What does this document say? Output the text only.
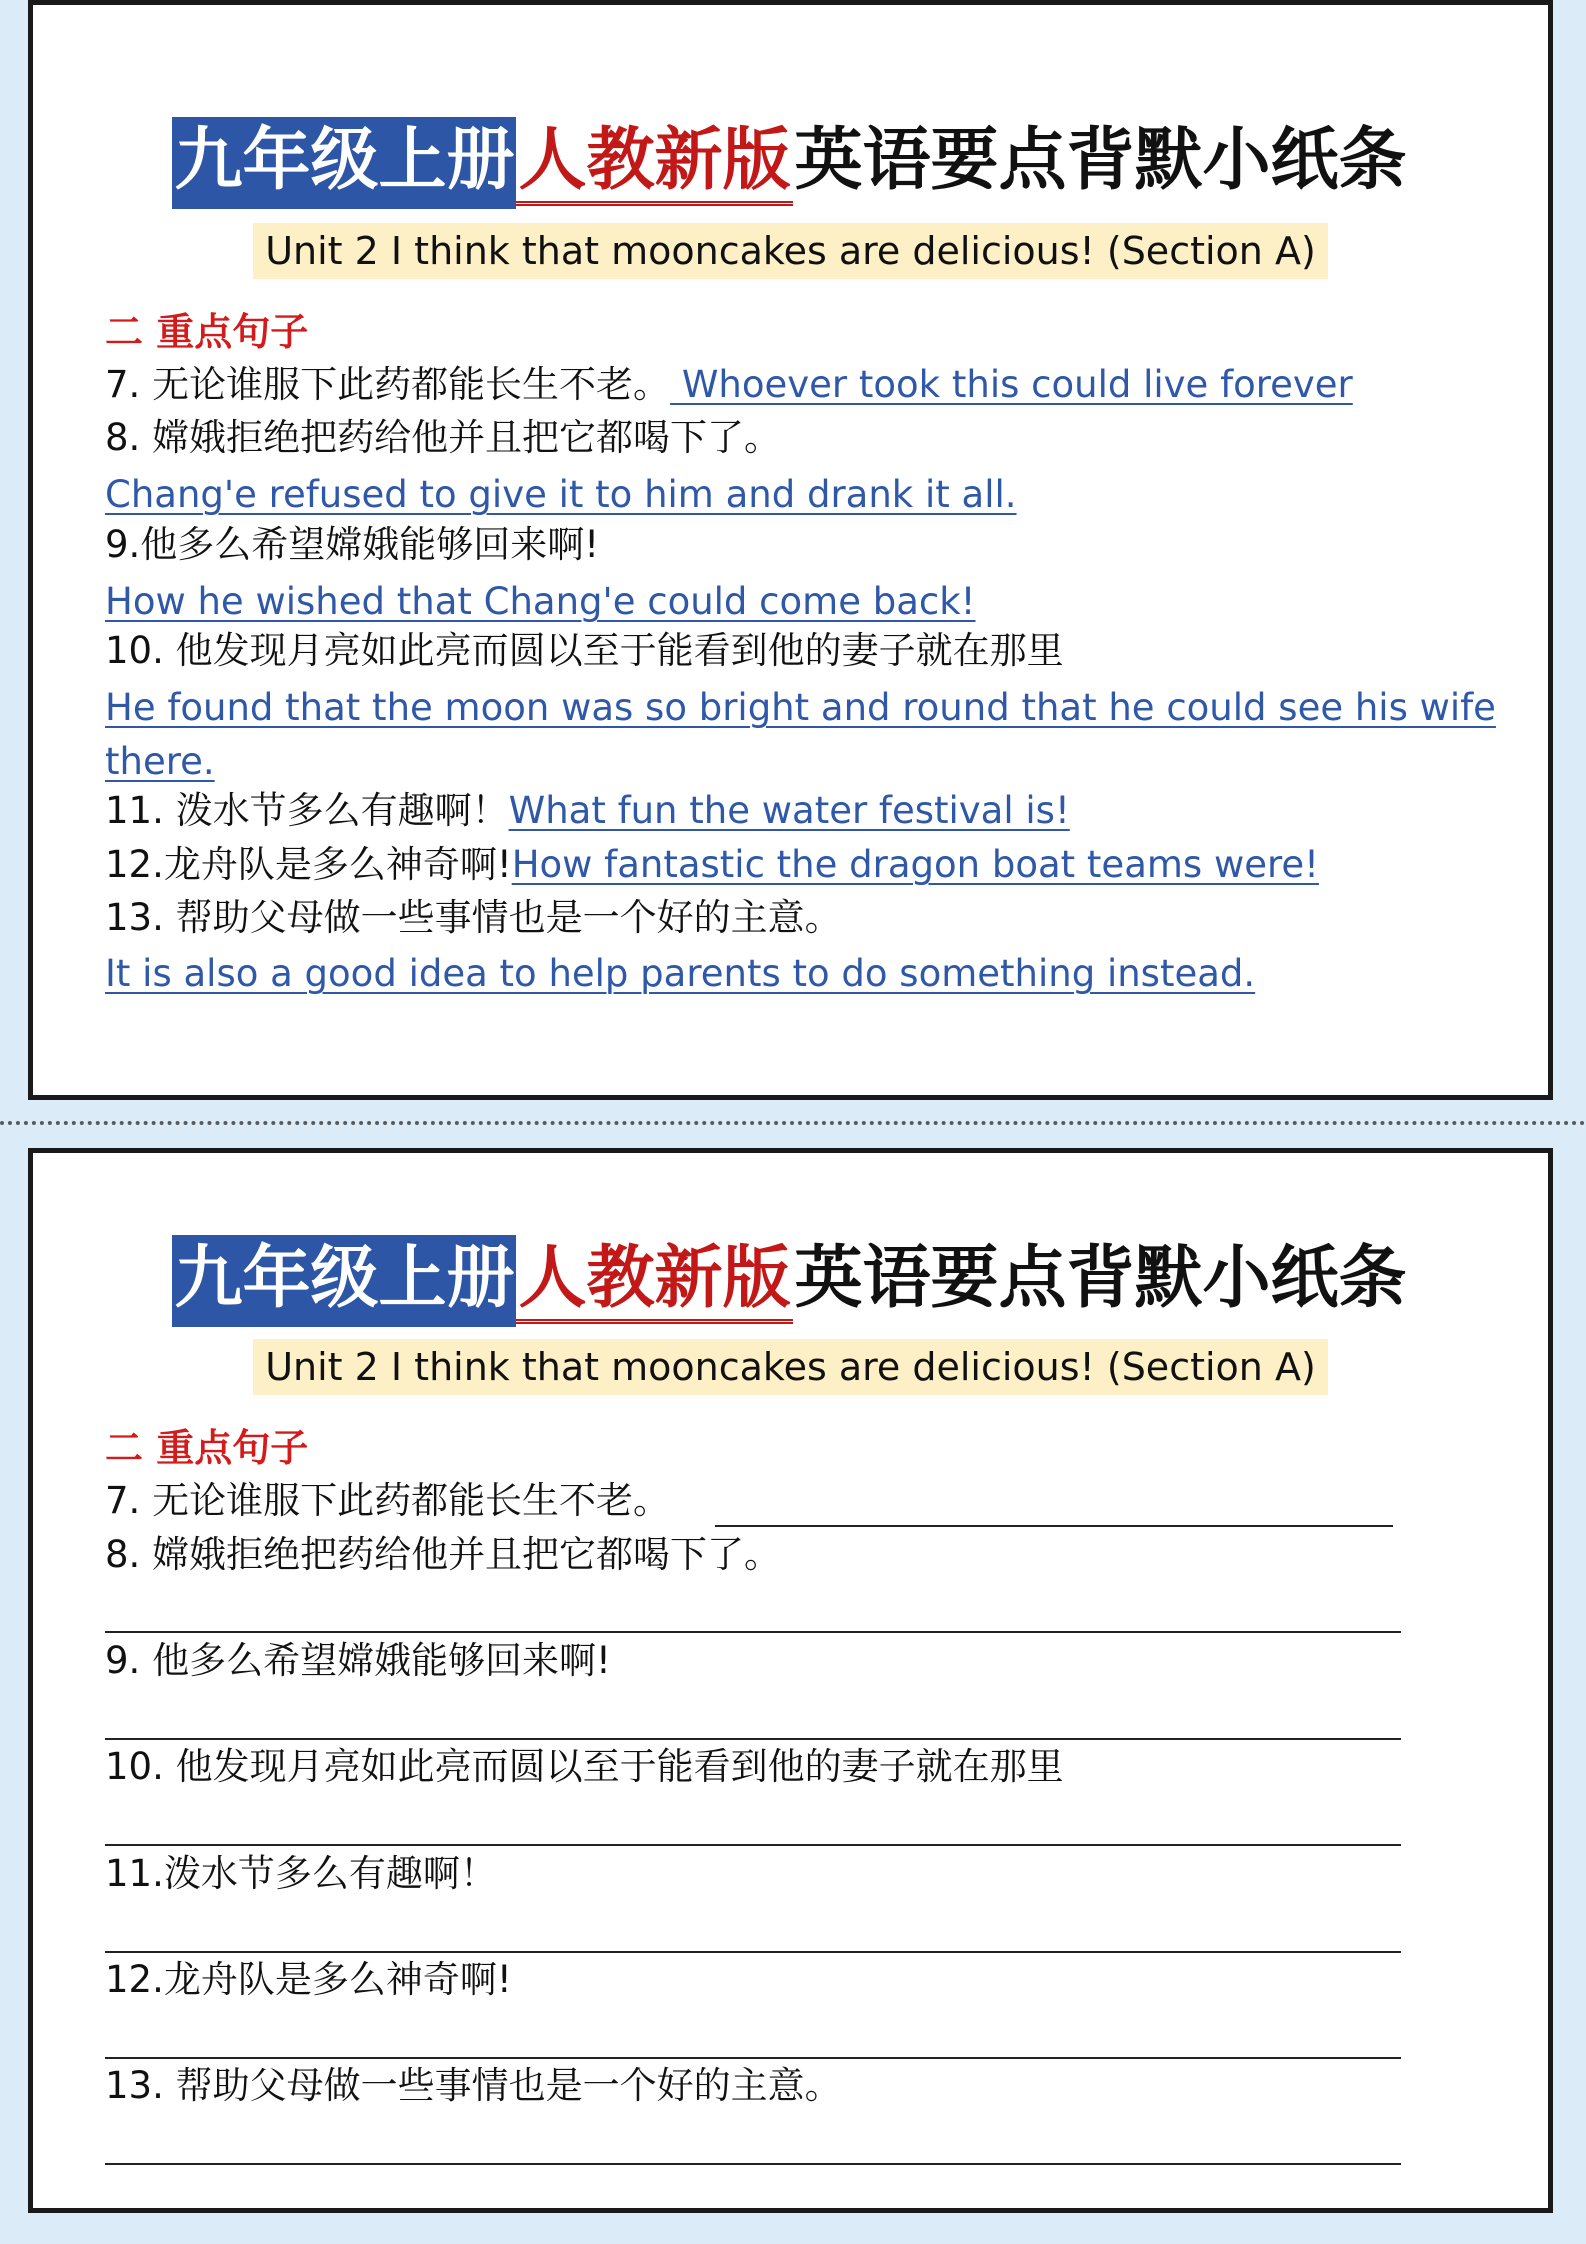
九年级上册人教新版英语要点背默小纸条
Unit 2 I think that mooncakes are delicious! (Section A)
二 重点句子
7. 无论谁服下此药都能长生不老。 Whoever took this could live forever
8. 嫦娥拒绝把药给他并且把它都喝下了。
Chang'e refused to give it to him and drank it all.
9.他多么希望嫦娥能够回来啊!
How he wished that Chang'e could come back!
10. 他发现月亮如此亮而圆以至于能看到他的妻子就在那里
He found that the moon was so bright and round that he could see his wife there.
11. 泼水节多么有趣啊！What fun the water festival is!
12.龙舟队是多么神奇啊!How fantastic the dragon boat teams were!
13. 帮助父母做一些事情也是一个好的主意。
It is also a good idea to help parents to do something instead.
九年级上册人教新版英语要点背默小纸条
Unit 2 I think that mooncakes are delicious! (Section A)
二 重点句子
7. 无论谁服下此药都能长生不老。
8. 嫦娥拒绝把药给他并且把它都喝下了。
9. 他多么希望嫦娥能够回来啊!
10. 他发现月亮如此亮而圆以至于能看到他的妻子就在那里
11.泼水节多么有趣啊！
12.龙舟队是多么神奇啊!
13. 帮助父母做一些事情也是一个好的主意。
